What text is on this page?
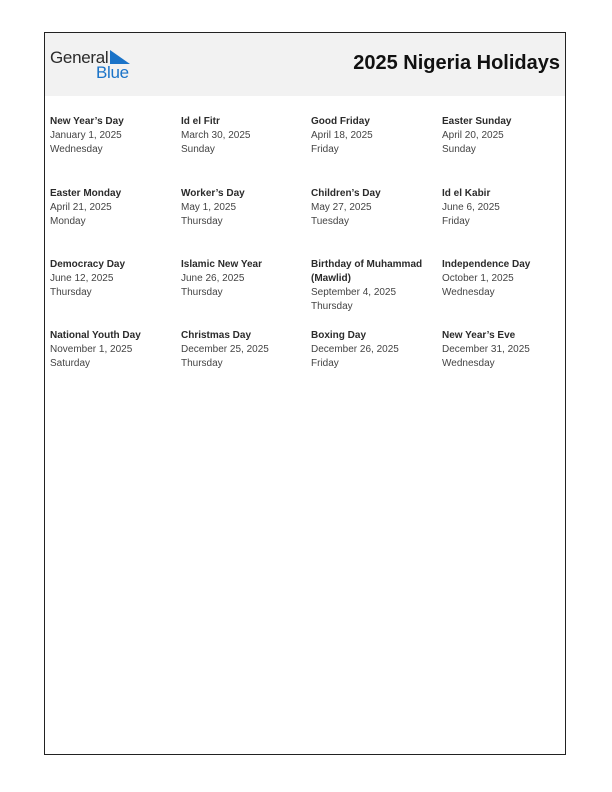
General
Blue	2025 Nigeria Holidays
New Year’s Day
January 1, 2025
Wednesday
Id el Fitr
March 30, 2025
Sunday
Good Friday
April 18, 2025
Friday
Easter Sunday
April 20, 2025
Sunday
Easter Monday
April 21, 2025
Monday
Worker’s Day
May 1, 2025
Thursday
Children’s Day
May 27, 2025
Tuesday
Id el Kabir
June 6, 2025
Friday
Democracy Day
June 12, 2025
Thursday
Islamic New Year
June 26, 2025
Thursday
Birthday of Muhammad (Mawlid)
September 4, 2025
Thursday
Independence Day
October 1, 2025
Wednesday
National Youth Day
November 1, 2025
Saturday
Christmas Day
December 25, 2025
Thursday
Boxing Day
December 26, 2025
Friday
New Year’s Eve
December 31, 2025
Wednesday
